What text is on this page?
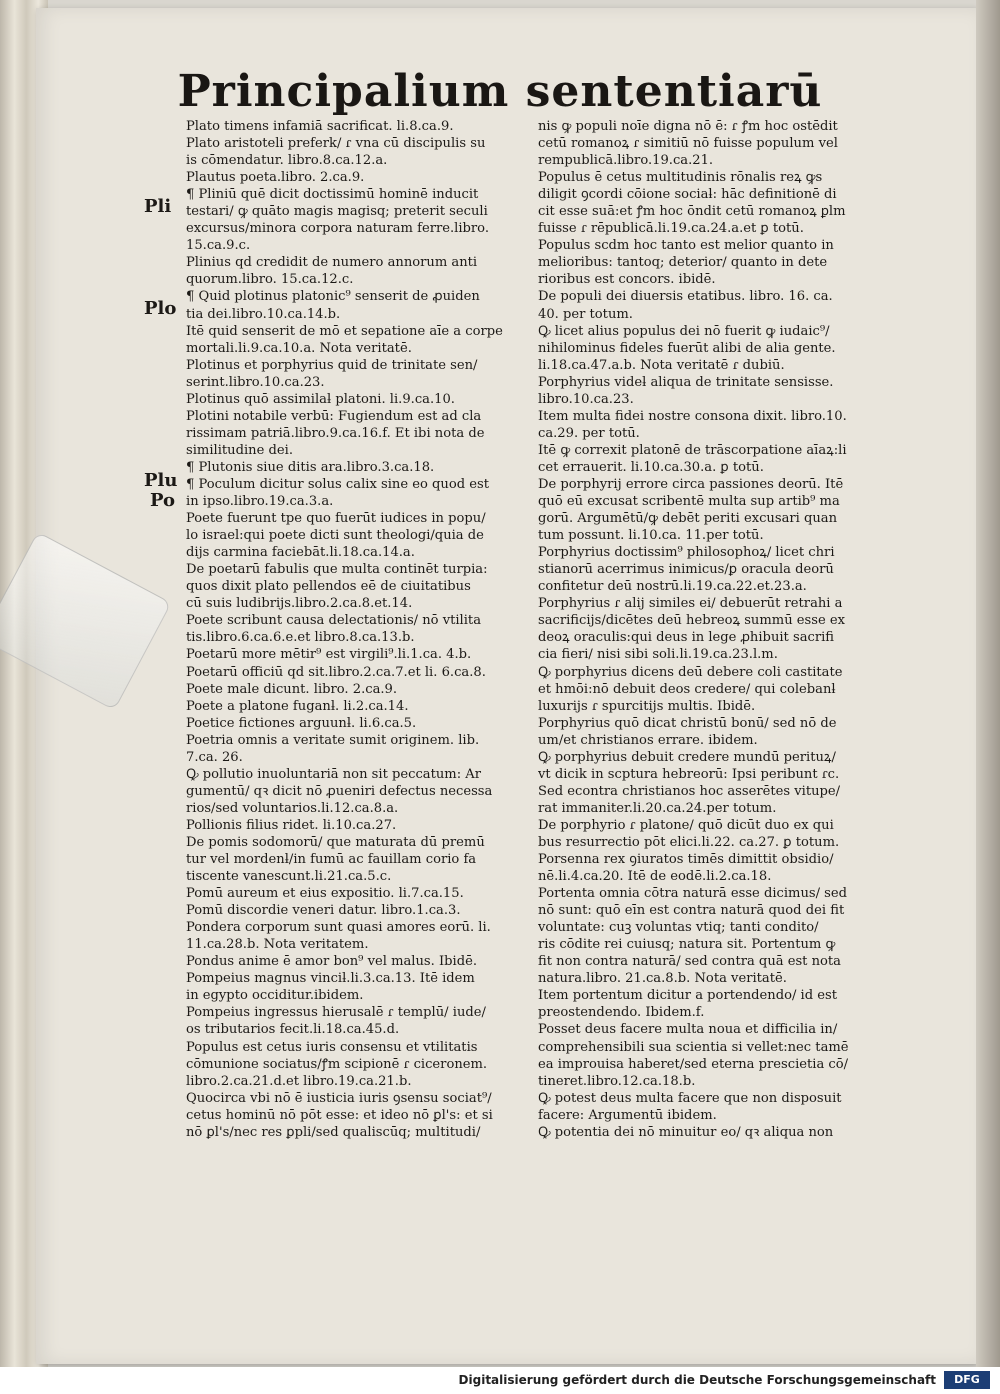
Principalium sententiarū
Pli
Plo
Plu
Po
Plato timens infamiā sacrificat. li.8.ca.9.
Plato aristoteli preferk/ ɾ vna cū discipulis su
is cōmendatur. libro.8.ca.12.a.
Plautus poeta.libro. 2.ca.9.
¶ Pliniū quē dicit doctissimū hominē inducit
testari/ ꝙ quāto magis magisq; preterit seculi
excursus/minora corpora naturam ferre.libro.
15.ca.9.c.
Plinius qd credidit de numero annorum anti
quorum.libro. 15.ca.12.c.
¶ Quid plotinus platonic⁹ senserit de ꝓuiden
tia dei.libro.10.ca.14.b.
Itē quid senserit de mō et sepatione aīe a corpe
mortali.li.9.ca.10.a. Nota veritatē.
Plotinus et porphyrius quid de trinitate sen/
serint.libro.10.ca.23.
Plotinus quō assimilaƚ platoni. li.9.ca.10.
Plotini notabile verbū: Fugiendum est ad cla
rissimam patriā.libro.9.ca.16.f. Et ibi nota de
similitudine dei.
¶ Plutonis siue ditis ara.libro.3.ca.18.
¶ Poculum dicitur solus calix sine eo quod est
in ipso.libro.19.ca.3.a.
Poete fuerunt tpe quo fuerūt iudices in popu/
lo israel:qui poete dicti sunt theologi/quia de
dijs carmina faciebāt.li.18.ca.14.a.
De poetarū fabulis que multa continēt turpia:
quos dixit plato pellendos eē de ciuitatibus
cū suis ludibrijs.libro.2.ca.8.et.14.
Poete scribunt causa delectationis/ nō vtilita
tis.libro.6.ca.6.e.et libro.8.ca.13.b.
Poetarū more mētir⁹ est virgili⁹.li.1.ca. 4.b.
Poetarū officiū qd sit.libro.2.ca.7.et li. 6.ca.8.
Poete male dicunt. libro. 2.ca.9.
Poete a platone fuganƚ. li.2.ca.14.
Poetice fictiones arguunƚ. li.6.ca.5.
Poetria omnis a veritate sumit originem. lib.
7.ca. 26.
Ꝙ pollutio inuoluntariā non sit peccatum: Ar
gumentū/ qꝛ dicit nō ꝓueniri defectus necessa
rios/sed voluntarios.li.12.ca.8.a.
Pollionis filius ridet. li.10.ca.27.
De pomis sodomorū/ que maturata dū premū
tur vel mordenƚ/in fumū ac fauillam corio fa
tiscente vanescunt.li.21.ca.5.c.
Pomū aureum et eius expositio. li.7.ca.15.
Pomū discordie veneri datur. libro.1.ca.3.
Pondera corporum sunt quasi amores eorū. li.
11.ca.28.b. Nota veritatem.
Pondus anime ē amor bon⁹ vel malus. Ibidē.
Pompeius magnus vinciƚ.li.3.ca.13. Itē idem
in egypto occiditur.ibidem.
Pompeius ingressus hierusalē ɾ templū/ iude/
os tributarios fecit.li.18.ca.45.d.
Populus est cetus iuris consensu et vtilitatis
cōmunione sociatus/ꝭm scipionē ɾ ciceronem.
libro.2.ca.21.d.et libro.19.ca.21.b.
Quocirca vbi nō ē iusticia iuris ꝯsensu sociat⁹/
cetus hominū nō pōt esse: et ideo nō ꝑl's: et si
nō ꝑl's/nec res ꝑpli/sed qualiscūq; multitudi/
nis ꝙ populi noīe digna nō ē: ɾ ꝭm hoc ostēdit
cetū romanoꝝ ɾ simitiū nō fuisse populum vel
rempublicā.libro.19.ca.21.
Populus ē cetus multitudinis rōnalis reꝝ ꝙs
diligit ꝯcordi cōione sociaƚ: hāc definitionē di
cit esse suā:et ꝭm hoc ōndit cetū romanoꝝ ꝑlm
fuisse ɾ rēpublicā.li.19.ca.24.a.et ꝑ totū.
Populus scdm hoc tanto est melior quanto in
melioribus: tantoq; deterior/ quanto in dete
rioribus est concors. ibidē.
De populi dei diuersis etatibus. libro. 16. ca.
40. per totum.
Ꝙ licet alius populus dei nō fuerit ꝙ iudaic⁹/
nihilominus fideles fuerūt alibi de alia gente.
li.18.ca.47.a.b. Nota veritatē ɾ dubiū.
Porphyrius videƚ aliqua de trinitate sensisse.
libro.10.ca.23.
Item multa fidei nostre consona dixit. libro.10.
ca.29. per totū.
Itē ꝙ correxit platonē de trāscorpatione aīaꝝ:li
cet errauerit. li.10.ca.30.a. ꝑ totū.
De porphyrij errore circa passiones deorū. Itē
quō eū excusat scribentē multa sup artib⁹ ma
gorū. Argumētū/ꝙ debēt periti excusari quan
tum possunt. li.10.ca. 11.per totū.
Porphyrius doctissim⁹ philosophoꝝ/ licet chri
stianorū acerrimus inimicus/ꝑ oracula deorū
confitetur deū nostrū.li.19.ca.22.et.23.a.
Porphyrius ɾ alij similes ei/ debuerūt retrahi a
sacrificijs/dicētes deū hebreoꝝ summū esse ex
deoꝝ oraculis:qui deus in lege ꝓhibuit sacrifi
cia fieri/ nisi sibi soli.li.19.ca.23.l.m.
Ꝙ porphyrius dicens deū debere coli castitate
et hmōi:nō debuit deos credere/ qui colebanƚ
luxurijs ɾ spurcitijs multis. Ibidē.
Porphyrius quō dicat christū bonū/ sed nō de
um/et christianos errare. ibidem.
Ꝙ porphyrius debuit credere mundū perituꝝ/
vt dicik in scptura hebreorū: Ipsi peribunt ɾc.
Sed econtra christianos hoc asserētes vitupe/
rat immaniter.li.20.ca.24.per totum.
De porphyrio ɾ platone/ quō dicūt duo ex qui
bus resurrectio pōt elici.li.22. ca.27. ꝑ totum.
Porsenna rex ꝯiuratos timēs dimittit obsidio/
nē.li.4.ca.20. Itē de eodē.li.2.ca.18.
Portenta omnia cōtra naturā esse dicimus/ sed
nō sunt: quō eīn est contra naturā quod dei fit
voluntate: cuꝫ voluntas vtiq; tanti condito/
ris cōdite rei cuiusq; natura sit. Portentum ꝙ
fit non contra naturā/ sed contra quā est nota
natura.libro. 21.ca.8.b. Nota veritatē.
Item portentum dicitur a portendendo/ id est
preostendendo. Ibidem.f.
Posset deus facere multa noua et difficilia in/
comprehensibili sua scientia si vellet:nec tamē
ea improuisa haberet/sed eterna prescietia cō/
tineret.libro.12.ca.18.b.
Ꝙ potest deus multa facere que non disposuit
facere: Argumentū ibidem.
Ꝙ potentia dei nō minuitur eo/ qꝛ aliqua non
Digitalisierung gefördert durch die Deutsche Forschungsgemeinschaft	DFG
